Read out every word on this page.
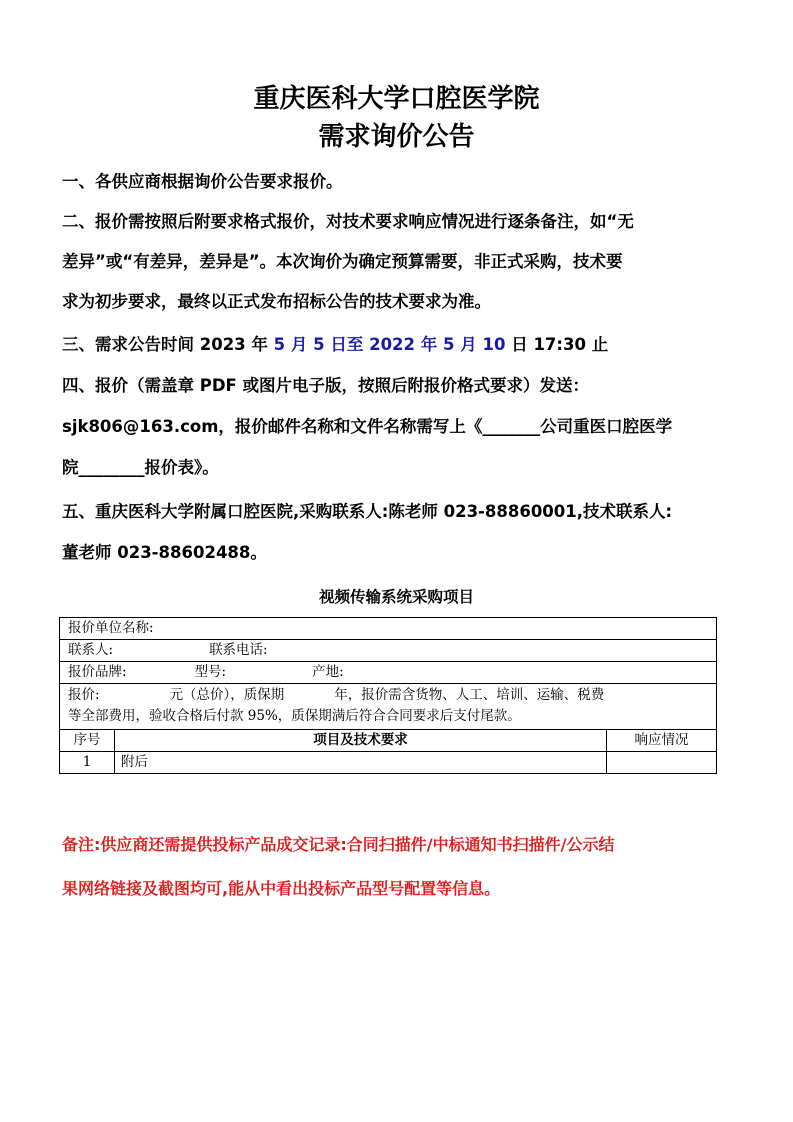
重庆医科大学口腔医学院
需求询价公告
一、各供应商根据询价公告要求报价。
二、报价需按照后附要求格式报价，对技术要求响应情况进行逐条备注，如“无
差异”或“有差异，差异是”。本次询价为确定预算需要，非正式采购，技术要
求为初步要求，最终以正式发布招标公告的技术要求为准。
三、需求公告时间 2023 年 5 月 5 日至 2022 年 5 月 10 日 17:30 止
四、报价（需盖章 PDF 或图片电子版，按照后附报价格式要求）发送：
sjk806@163.com，报价邮件名称和文件名称需写上《_______公司重医口腔医学
院________报价表》。
五、重庆医科大学附属口腔医院,采购联系人:陈老师 023-88860001,技术联系人:
董老师 023-88602488。
视频传输系统采购项目
报价单位名称:
联系人:	联系电话:
报价品牌:	型号:	产地:
报价:	元（总价），质保期	年，报价需含货物、人工、培训、运输、税费
等全部费用，验收合格后付款 95%，质保期满后符合合同要求后支付尾款。
序号	项目及技术要求	响应情况
1	附后
备注:供应商还需提供投标产品成交记录:合同扫描件/中标通知书扫描件/公示结
果网络链接及截图均可,能从中看出投标产品型号配置等信息。
